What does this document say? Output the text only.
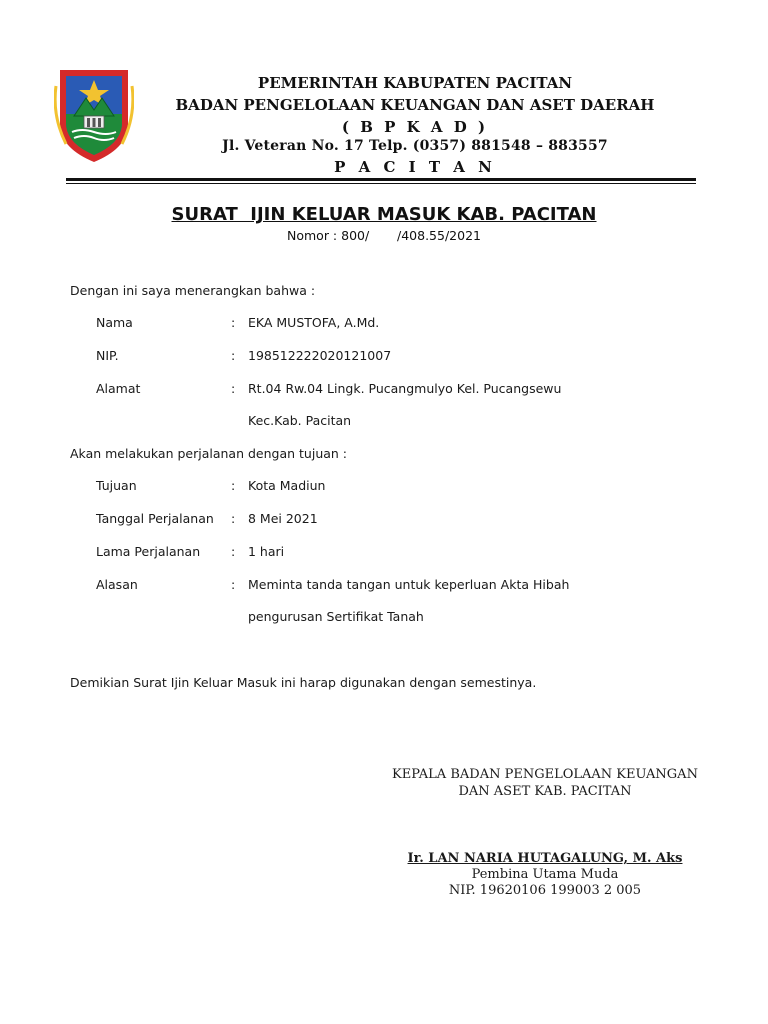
PEMERINTAH KABUPATEN PACITAN
BADAN PENGELOLAAN KEUANGAN DAN ASET DAERAH
( B P K A D )
Jl. Veteran No. 17 Telp. (0357) 881548 – 883557
P A C I T A N
SURAT  IJIN KELUAR MASUK KAB. PACITAN
Nomor : 800/       /408.55/2021
Dengan ini saya menerangkan bahwa :
Nama	: EKA MUSTOFA, A.Md.
NIP.	: 198512222020121007
Alamat	: Rt.04 Rw.04 Lingk. Pucangmulyo Kel. Pucangsewu
Kec.Kab. Pacitan
Akan melakukan perjalanan dengan tujuan :
Tujuan	: Kota Madiun
Tanggal Perjalanan : 8 Mei 2021
Lama Perjalanan : 1 hari
Alasan	: Meminta tanda tangan untuk keperluan Akta Hibah
pengurusan Sertifikat Tanah
Demikian Surat Ijin Keluar Masuk ini harap digunakan dengan semestinya.
KEPALA BADAN PENGELOLAAN KEUANGAN
DAN ASET KAB. PACITAN
Ir. LAN NARIA HUTAGALUNG, M. Aks
Pembina Utama Muda
NIP. 19620106 199003 2 005
